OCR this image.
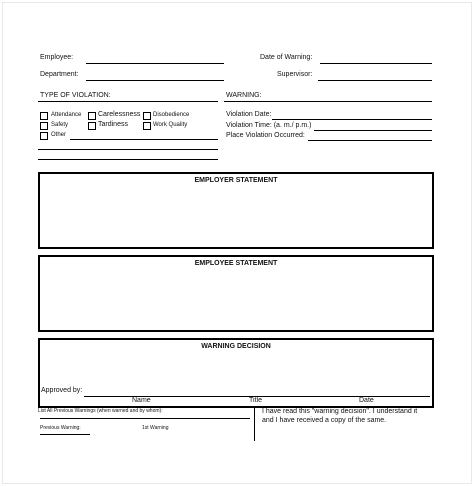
Employee:	Date of Warning:
Department:	Supervisor:
TYPE OF VIOLATION:	WARNING:
Attendance Carelessness Disobedience
Safety	Tardiness	Work Quality
Other
Violation Date:
Violation Time: (a. m./ p.m.)
Place Violation Occurred:
EMPLOYER STATEMENT
EMPLOYEE STATEMENT
WARNING DECISION
Approved by:
Name	Title	Date
List All Previous Warnings (when warned and by whom):
Previous Warning:	1st Warning
I have read this "warning decision". I understand it
and I have received a copy of the same.
